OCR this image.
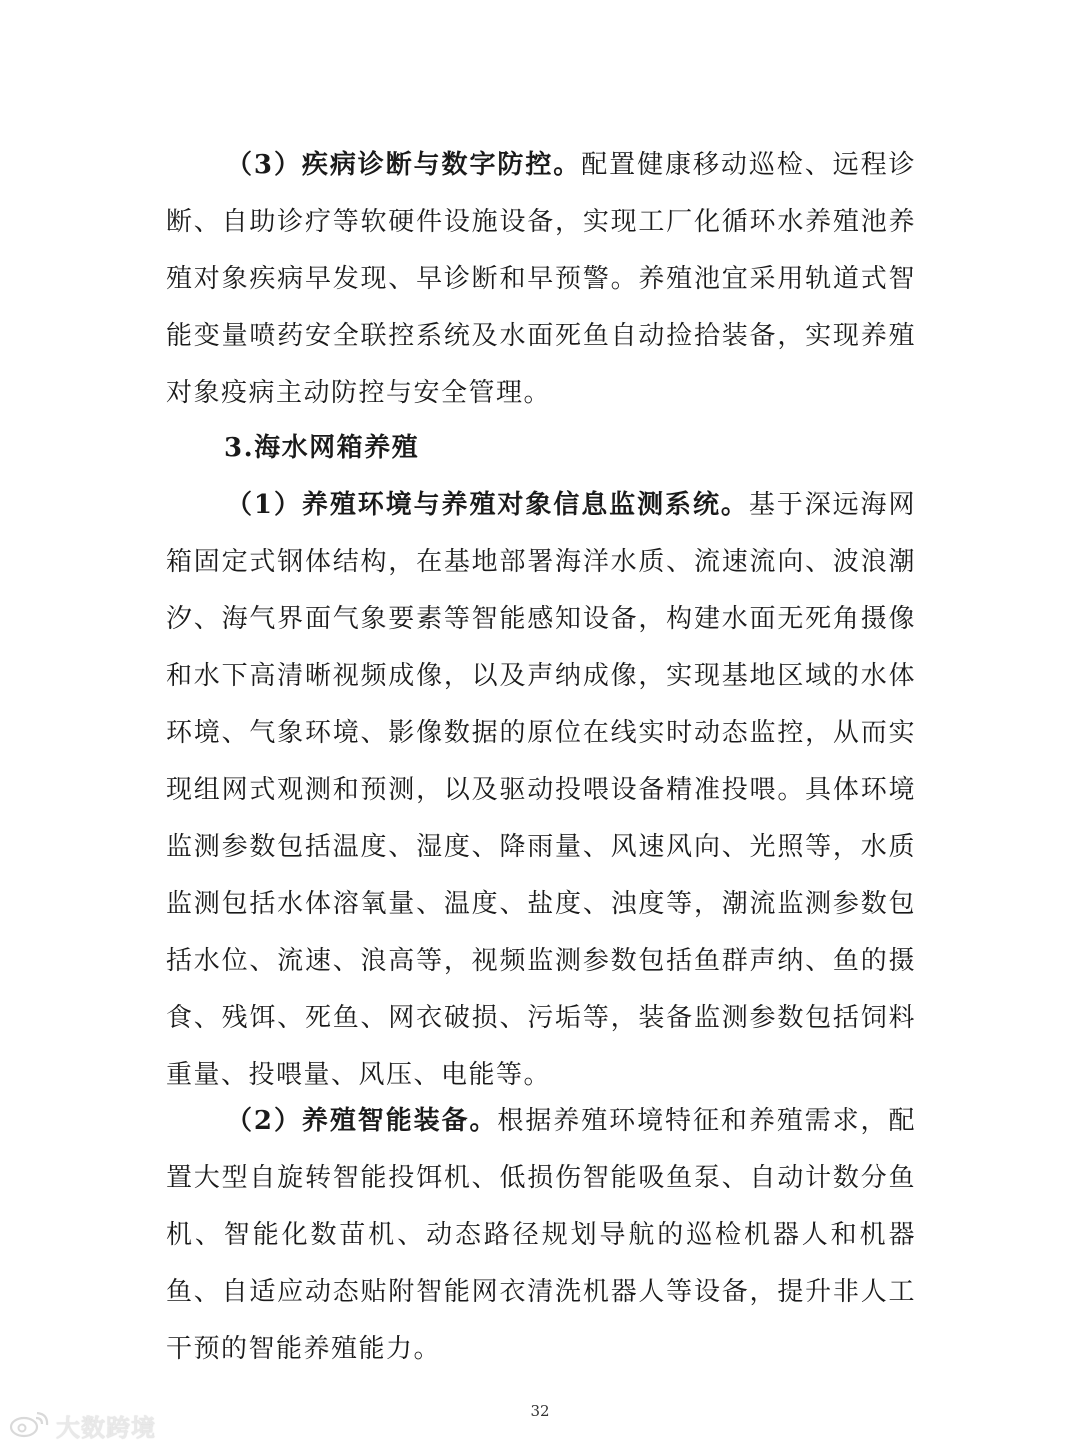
（3）疾病诊断与数字防控。配置健康移动巡检、远程诊断、自助诊疗等软硬件设施设备，实现工厂化循环水养殖池养殖对象疾病早发现、早诊断和早预警。养殖池宜采用轨道式智能变量喷药安全联控系统及水面死鱼自动捡拾装备，实现养殖对象疫病主动防控与安全管理。

3.海水网箱养殖

（1）养殖环境与养殖对象信息监测系统。基于深远海网箱固定式钢体结构，在基地部署海洋水质、流速流向、波浪潮汐、海气界面气象要素等智能感知设备，构建水面无死角摄像和水下高清晰视频成像，以及声纳成像，实现基地区域的水体环境、气象环境、影像数据的原位在线实时动态监控，从而实现组网式观测和预测，以及驱动投喂设备精准投喂。具体环境监测参数包括温度、湿度、降雨量、风速风向、光照等，水质监测包括水体溶氧量、温度、盐度、浊度等，潮流监测参数包括水位、流速、浪高等，视频监测参数包括鱼群声纳、鱼的摄食、残饵、死鱼、网衣破损、污垢等，装备监测参数包括饲料重量、投喂量、风压、电能等。

（2）养殖智能装备。根据养殖环境特征和养殖需求，配置大型自旋转智能投饵机、低损伤智能吸鱼泵、自动计数分鱼机、智能化数苗机、动态路径规划导航的巡检机器人和机器鱼、自适应动态贴附智能网衣清洗机器人等设备，提升非人工干预的智能养殖能力。

32
大数跨境
